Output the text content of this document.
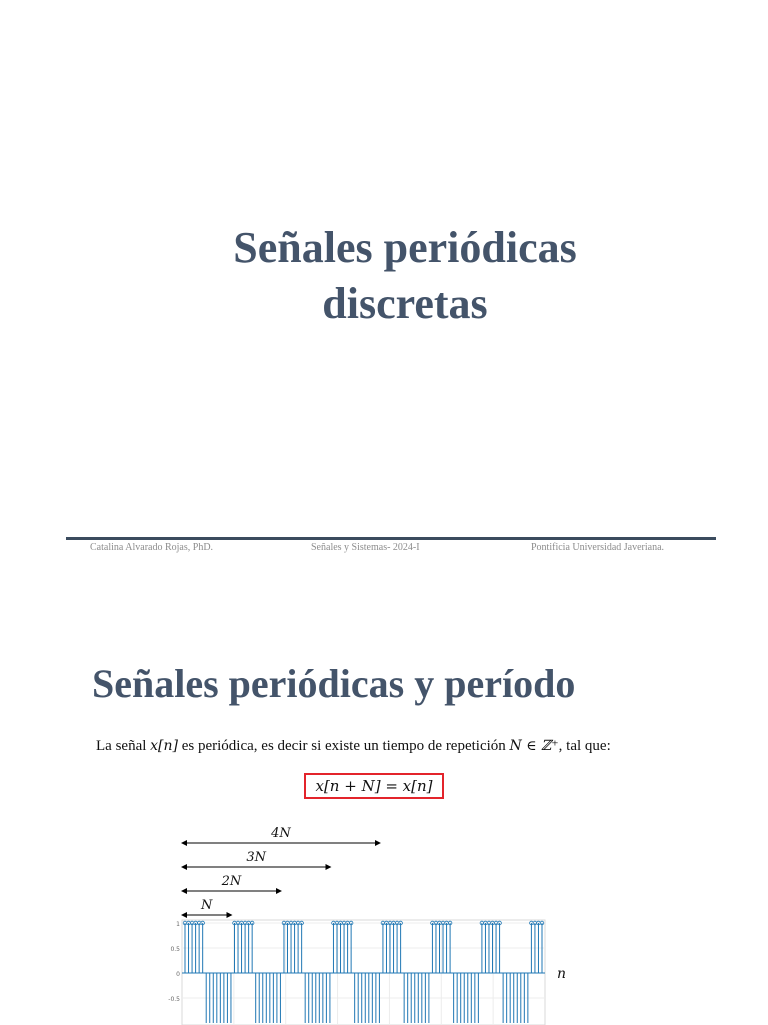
Señales periódicas
discretas
Catalina Alvarado Rojas, PhD.	Señales y Sistemas- 2024-I	Pontificia Universidad Javeriana.
Señales periódicas y período
La señal x[n] es periódica, es decir si existe un tiempo de repetición N ∈ ℤ⁺, tal que:
x[n + N] = x[n]
4N
3N
2N
N
1
0.5
0
-0.5
n
